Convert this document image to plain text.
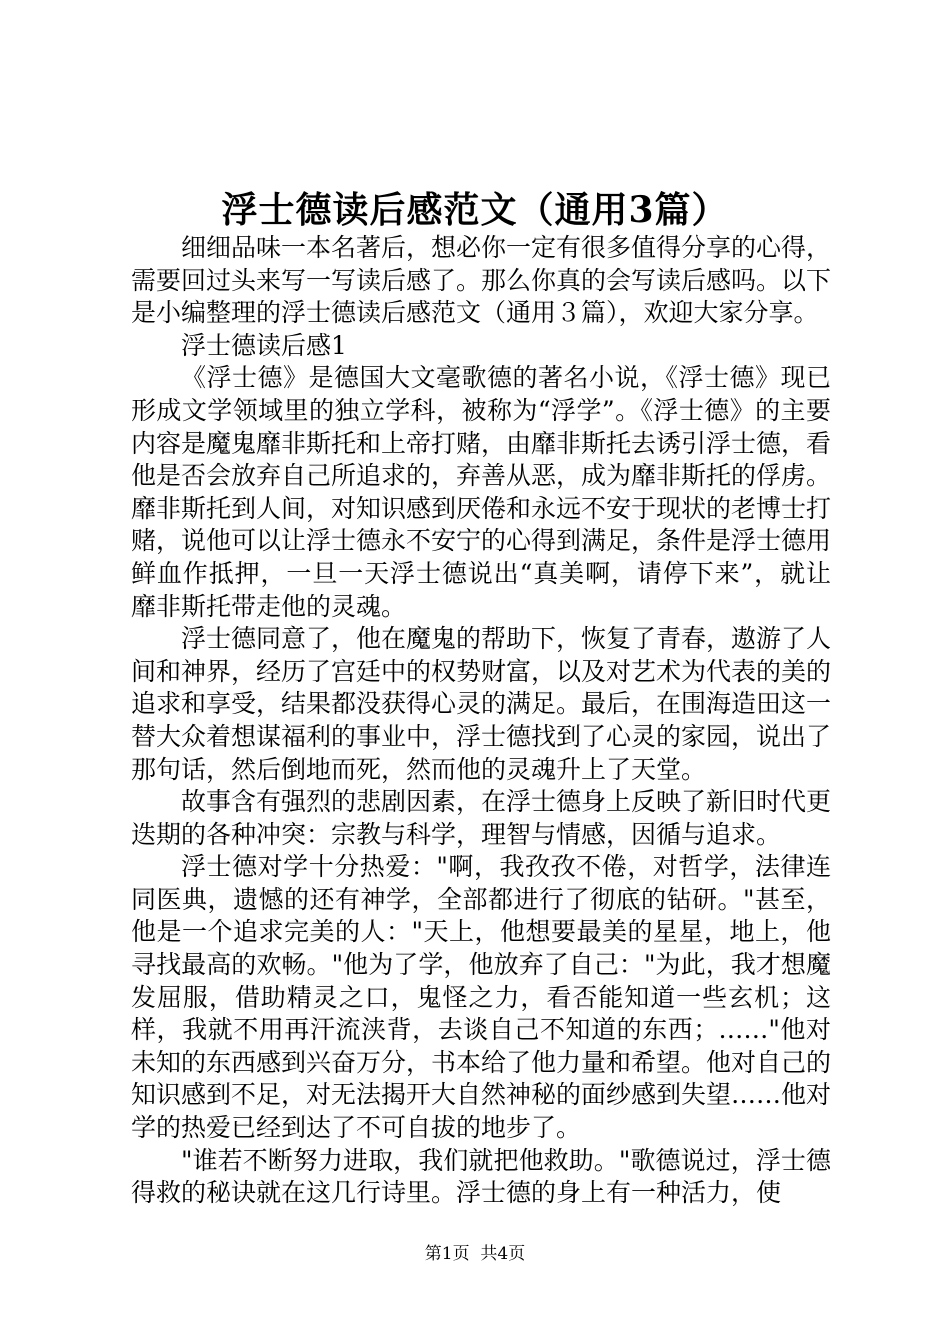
浮士德读后感范文（通用3篇）

细细品味一本名著后，想必你一定有很多值得分享的心得，需要回过头来写一写读后感了。那么你真的会写读后感吗。以下是小编整理的浮士德读后感范文（通用３篇），欢迎大家分享。

浮士德读后感1

《浮士德》是德国大文毫歌德的著名小说，《浮士德》现已形成文学领域里的独立学科，被称为“浮学”。《浮士德》的主要内容是魔鬼靡非斯托和上帝打赌，由靡非斯托去诱引浮士德，看他是否会放弃自己所追求的，弃善从恶，成为靡非斯托的俘虏。靡非斯托到人间，对知识感到厌倦和永远不安于现状的老博士打赌，说他可以让浮士德永不安宁的心得到满足，条件是浮士德用鲜血作抵押，一旦一天浮士德说出“真美啊，请停下来”，就让靡非斯托带走他的灵魂。

浮士德同意了，他在魔鬼的帮助下，恢复了青春，遨游了人间和神界，经历了宫廷中的权势财富，以及对艺术为代表的美的追求和享受，结果都没获得心灵的满足。最后，在围海造田这一替大众着想谋福利的事业中，浮士德找到了心灵的家园，说出了那句话，然后倒地而死，然而他的灵魂升上了天堂。

故事含有强烈的悲剧因素，在浮士德身上反映了新旧时代更迭期的各种冲突：宗教与科学，理智与情感，因循与追求。

浮士德对学十分热爱："啊，我孜孜不倦，对哲学，法律连同医典，遗憾的还有神学，全部都进行了彻底的钻研。"甚至，他是一个追求完美的人："天上，他想要最美的星星，地上，他寻找最高的欢畅。"他为了学，他放弃了自己："为此，我才想魔发屈服，借助精灵之口，鬼怪之力，看否能知道一些玄机；这样，我就不用再汗流浃背，去谈自己不知道的东西；……"他对未知的东西感到兴奋万分，书本给了他力量和希望。他对自己的知识感到不足，对无法揭开大自然神秘的面纱感到失望……他对学的热爱已经到达了不可自拔的地步了。

"谁若不断努力进取，我们就把他救助。"歌德说过，浮士德得救的秘诀就在这几行诗里。浮士德的身上有一种活力，使

第1页  共4页
